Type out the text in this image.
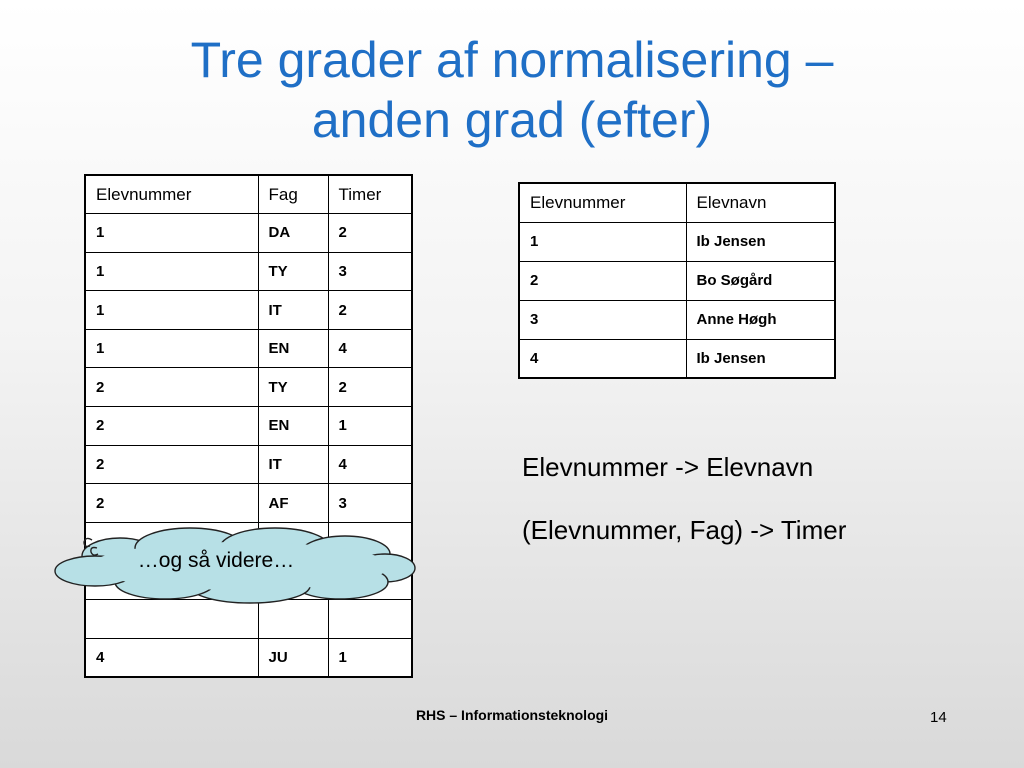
Tre grader af normalisering –
anden grad (efter)
Elevnummer	Fag	Timer
1	DA	2
1	TY	3
1	IT	2
1	EN	4
2	TY	2
2	EN	1
2	IT	4
2	AF	3

4	JU	1
Elevnummer	Elevnavn
1	Ib Jensen
2	Bo Søgård
3	Anne Høgh
4	Ib Jensen

Elevnummer -> Elevnavn

(Elevnummer, Fag) -> Timer

…og så videre…
RHS – Informationsteknologi	14
